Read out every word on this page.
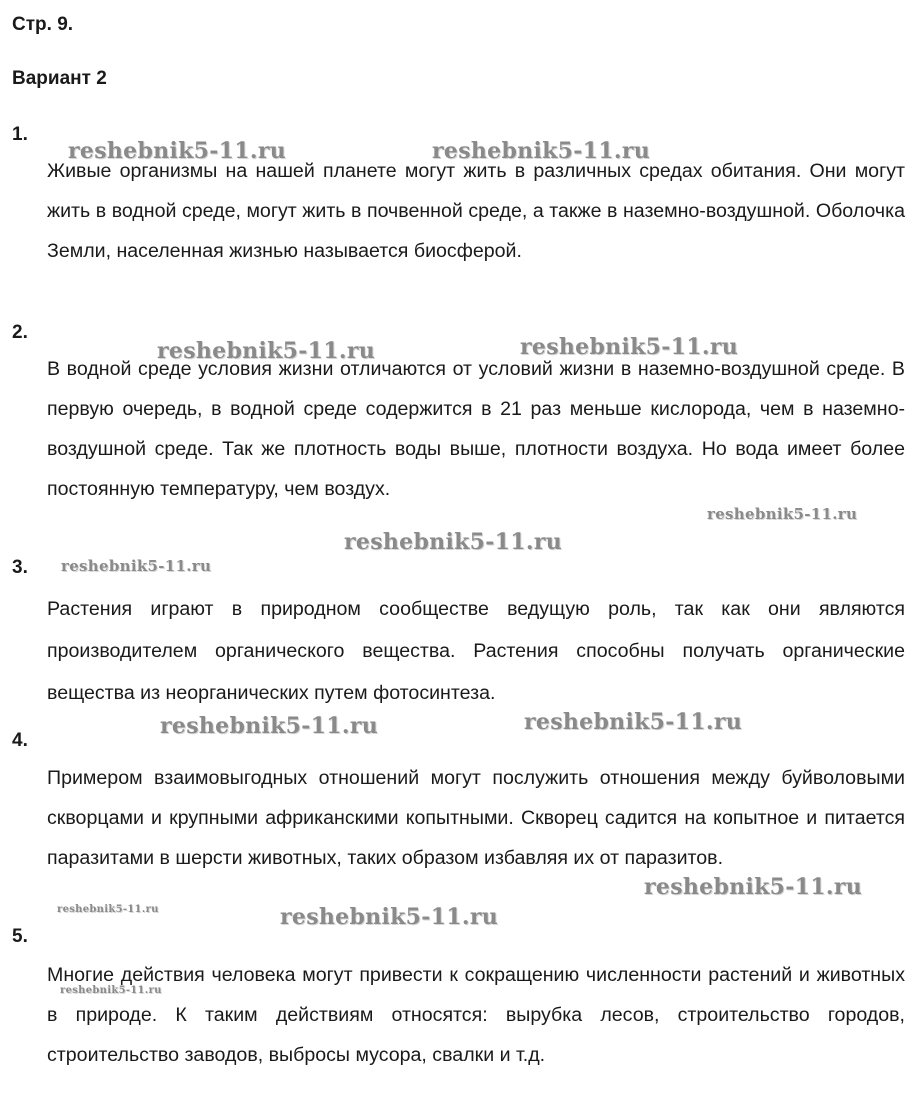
Стр. 9.
Вариант 2
1.
Живые организмы на нашей планете могут жить в различных средах обитания. Они могут жить в водной среде, могут жить в почвенной среде, а также в наземно-воздушной. Оболочка Земли, населенная жизнью называется биосферой.
2.
В водной среде условия жизни отличаются от условий жизни в наземно-воздушной среде. В первую очередь, в водной среде содержится в 21 раз меньше кислорода, чем в наземно-воздушной среде. Так же плотность воды выше, плотности воздуха. Но вода имеет более постоянную температуру, чем воздух.
3.
Растения играют в природном сообществе ведущую роль, так как они являются производителем органического вещества. Растения способны получать органические вещества из неорганических путем фотосинтеза.
4.
Примером взаимовыгодных отношений могут послужить отношения между буйволовыми скворцами и крупными африканскими копытными. Скворец садится на копытное и питается паразитами в шерсти животных, таких образом избавляя их от паразитов.
5.
Многие действия человека могут привести к сокращению численности растений и животных в природе. К таким действиям относятся: вырубка лесов, строительство городов, строительство заводов, выбросы мусора, свалки и т.д.
reshebnik5-11.ru	reshebnik5-11.ru
reshebnik5-11.ru	reshebnik5-11.ru
reshebnik5-11.ru
reshebnik5-11.ru
reshebnik5-11.ru
reshebnik5-11.ru	reshebnik5-11.ru
reshebnik5-11.ru
reshebnik5-11.ru	reshebnik5-11.ru
reshebnik5-11.ru
